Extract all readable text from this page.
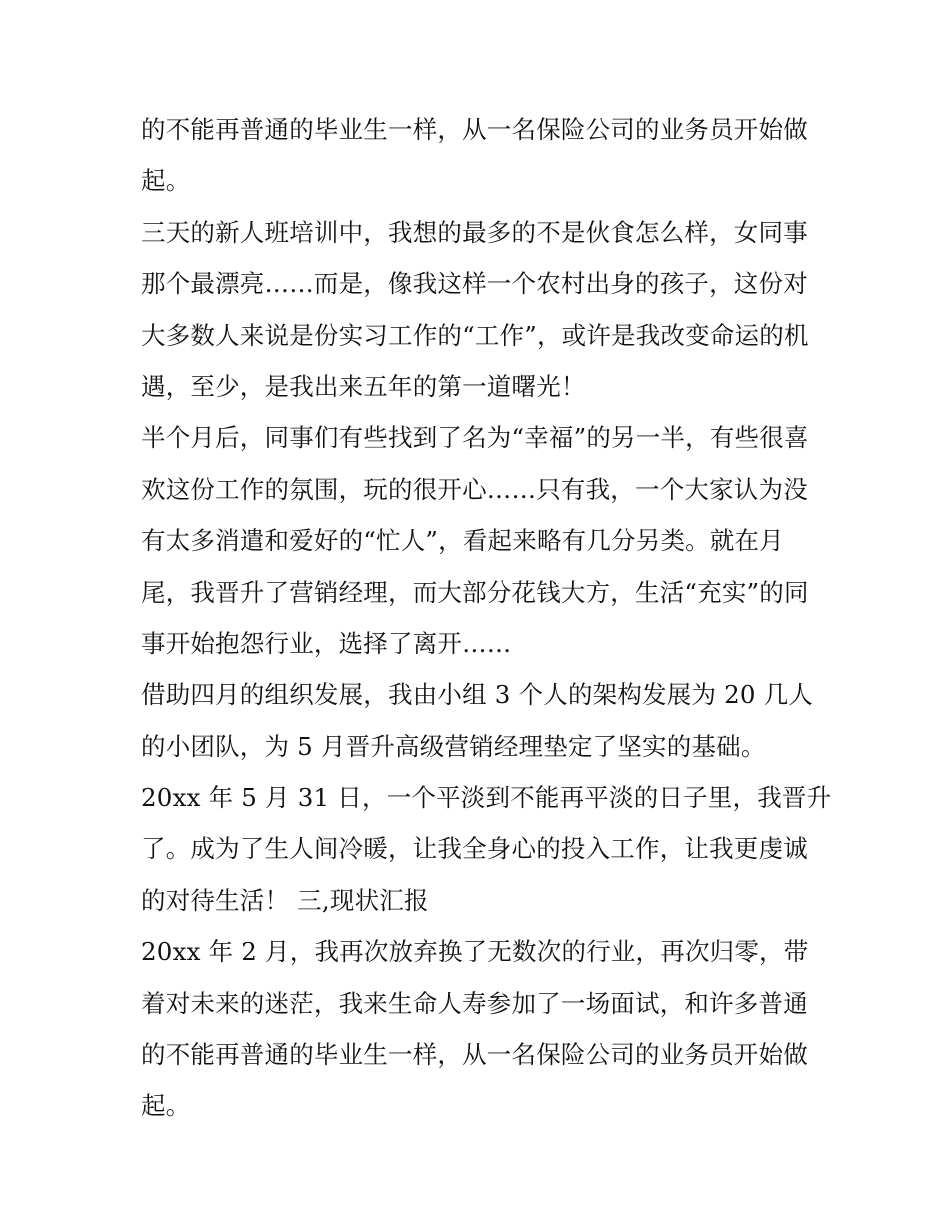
的不能再普通的毕业生一样，从一名保险公司的业务员开始做
起。
三天的新人班培训中，我想的最多的不是伙食怎么样，女同事
那个最漂亮……而是，像我这样一个农村出身的孩子，这份对
大多数人来说是份实习工作的“工作”，或许是我改变命运的机
遇，至少，是我出来五年的第一道曙光！
半个月后，同事们有些找到了名为“幸福”的另一半，有些很喜
欢这份工作的氛围，玩的很开心……只有我，一个大家认为没
有太多消遣和爱好的“忙人”，看起来略有几分另类。就在月
尾，我晋升了营销经理，而大部分花钱大方，生活“充实”的同
事开始抱怨行业，选择了离开……
借助四月的组织发展，我由小组 3 个人的架构发展为 20 几人
的小团队，为 5 月晋升高级营销经理垫定了坚实的基础。
20xx 年 5 月 31 日，一个平淡到不能再平淡的日子里，我晋升
了。成为了生人间冷暖，让我全身心的投入工作，让我更虔诚
的对待生活！ 三,现状汇报
20xx 年 2 月，我再次放弃换了无数次的行业，再次归零，带
着对未来的迷茫，我来生命人寿参加了一场面试，和许多普通
的不能再普通的毕业生一样，从一名保险公司的业务员开始做
起。
